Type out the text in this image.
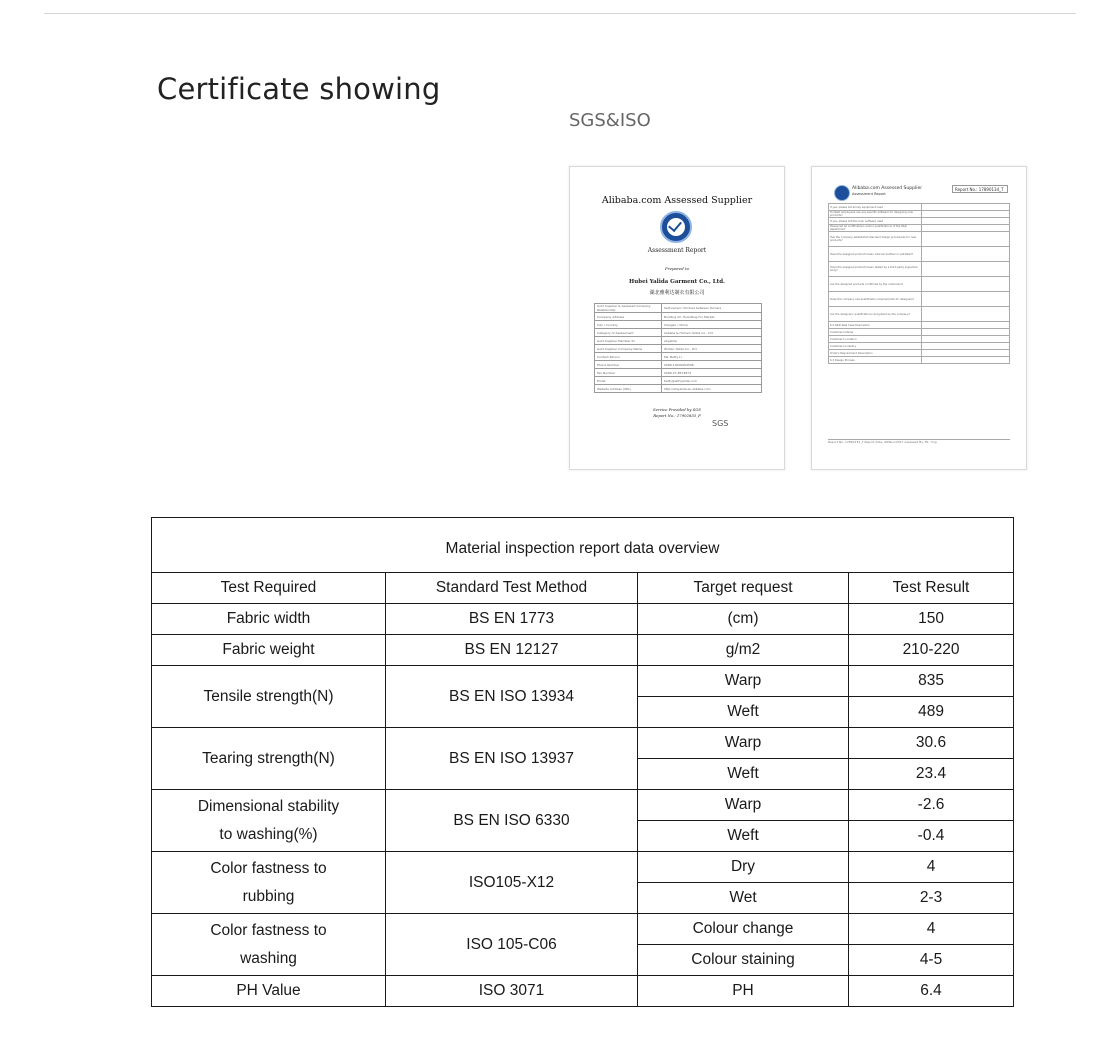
Certificate showing
SGS&ISO
Alibaba.com Assessed Supplier
Assessment Report
Prepared to
Hubei Yalida Garment Co., Ltd.
湖北雅利达制衣有限公司
Gold Supplier & Assessed Company Relationship	Self-owned / Kindred between Owners
Company Address	Building 22, Huanfeng Fur Market
City / Country	Xiangan / China
Category of Assessment	Alibaba & Hichain Yalida Co., Ltd
Gold Supplier Member ID	ahyalida
Gold Supplier Company Name	Wuhan Yalida Co., Ltd.
Contact Person	Ms. Betty Li
Phone Number	0086-13000064506
Fax Number	0086-27-8574874
Email	betty@wthyalida.com
Website Address (URL)	http://whyalida.en.alibaba.com
Service Provided by SGS
Report No.: 17902835_F
SGS
Alibaba.com Assessed Supplier
Assessment Report
Report No.: 17890134_T
If yes, please list all key equipment used	
Do R&D employees use any specific software for designing new products?	
If yes, please list the main software used	
Please list all certifications and/or qualifications of the R&D department	
Has the company established standard design procedures for new products?	
Have the designed products been internal audited or validated?	
Have the designed products been tested by a third-party inspection body?	
Are the designed products confirmed by the customers?	
Does the company has qualification requirements for designers?	
Are the designers' qualifications recognized by the company?	
6.2 R&D Real Case Description	
Customer's Name	
Customer's Location	
Customer's Industry	
Order's Requirement Description	
6.3 Design Process	
Report No: 17890134_T Report date: 08/Nov/2017 Assessed By: Mr. Ying
Material inspection report data overview			
Test Required	Standard Test Method	Target request	Test Result

Fabric width	BS EN 1773	(cm)	150

Fabric weight	BS EN 12127	g/m2	210-220

Tensile strength(N)	BS EN ISO 13934	Warp	835
		Weft	489

Tearing strength(N)	BS EN ISO 13937	Warp	30.6
		Weft	23.4

Dimensional stability
to washing(%)	BS EN ISO 6330	Warp	-2.6
		Weft	-0.4

Color fastness to
rubbing	ISO105-X12	Dry	4
		Wet	2-3

Color fastness to
washing	ISO 105-C06	Colour change	4
		Colour staining	4-5

PH Value	ISO 3071	PH	6.4
